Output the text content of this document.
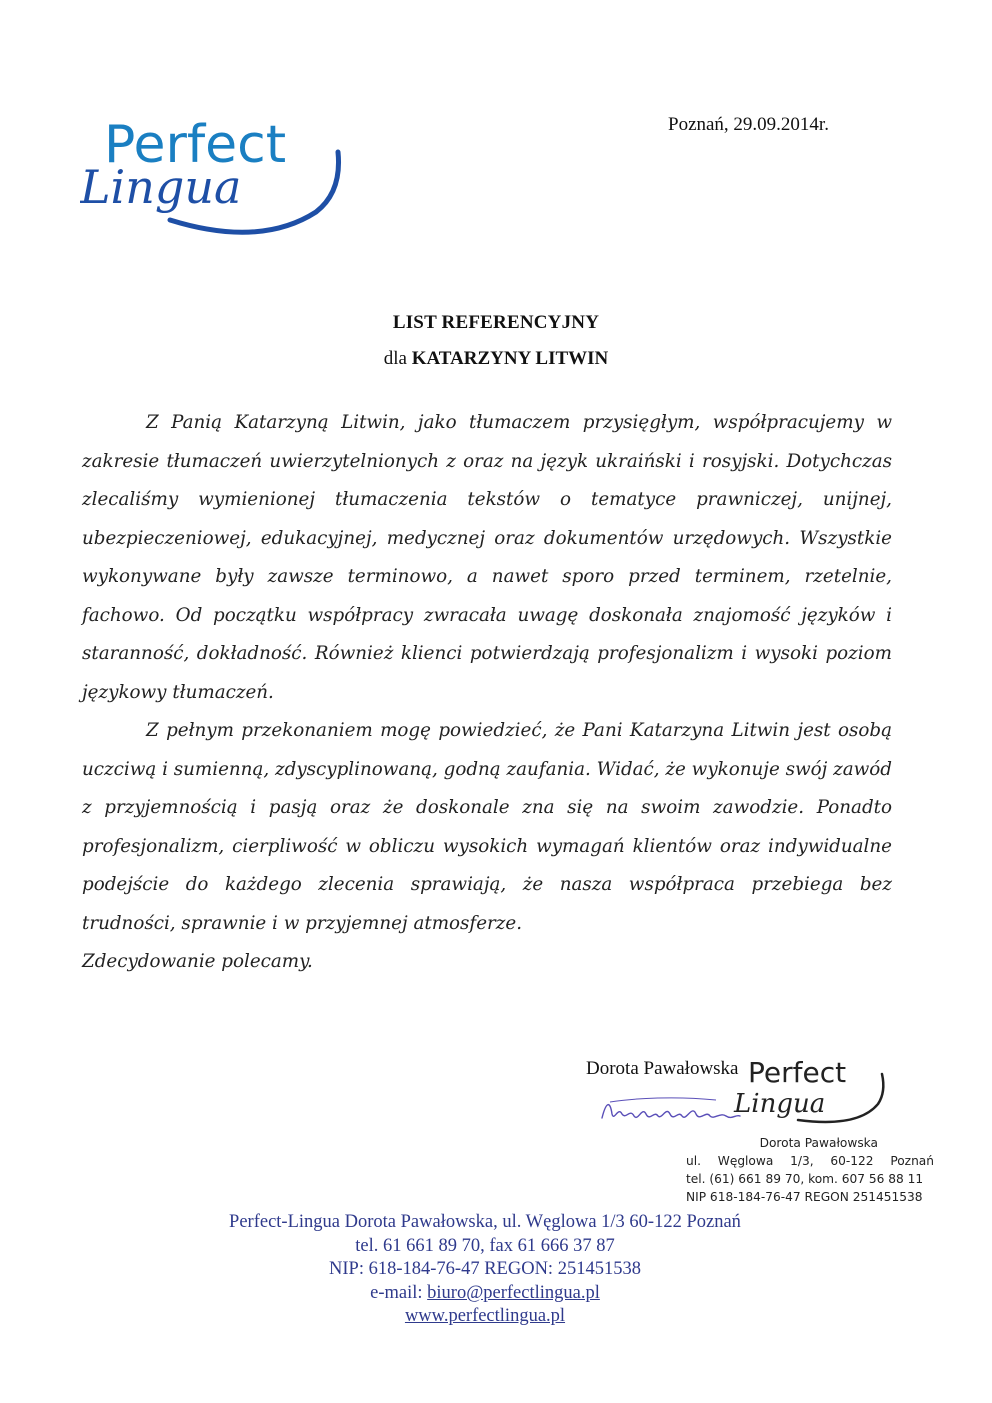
Perfect
Lingua
Poznań, 29.09.2014r.
LIST REFERENCYJNY
dla KATARZYNY LITWIN

Z Panią Katarzyną Litwin, jako tłumaczem przysięgłym, współpracujemy w zakresie tłumaczeń uwierzytelnionych z oraz na język ukraiński i rosyjski. Dotychczas zlecaliśmy wymienionej tłumaczenia tekstów o tematyce prawniczej, unijnej, ubezpieczeniowej, edukacyjnej, medycznej oraz dokumentów urzędowych. Wszystkie wykonywane były zawsze terminowo, a nawet sporo przed terminem, rzetelnie, fachowo. Od początku współpracy zwracała uwagę doskonała znajomość języków i staranność, dokładność. Również klienci potwierdzają profesjonalizm i wysoki poziom językowy tłumaczeń.

Z pełnym przekonaniem mogę powiedzieć, że Pani Katarzyna Litwin jest osobą uczciwą i sumienną, zdyscyplinowaną, godną zaufania. Widać, że wykonuje swój zawód z przyjemnością i pasją oraz że doskonale zna się na swoim zawodzie. Ponadto profesjonalizm, cierpliwość w obliczu wysokich wymagań klientów oraz indywidualne podejście do każdego zlecenia sprawiają, że nasza współpraca przebiega bez trudności, sprawnie i w przyjemnej atmosferze.

Zdecydowanie polecamy.

Dorota Pawałowska Perfect
Lingua
Dorota Pawałowska
ul. Węglowa 1/3, 60-122 Poznań
tel. (61) 661 89 70, kom. 607 56 88 11
NIP 618-184-76-47 REGON 251451538
Perfect-Lingua Dorota Pawałowska, ul. Węglowa 1/3 60-122 Poznań
tel. 61 661 89 70, fax 61 666 37 87
NIP: 618-184-76-47 REGON: 251451538
e-mail: biuro@perfectlingua.pl
www.perfectlingua.pl
